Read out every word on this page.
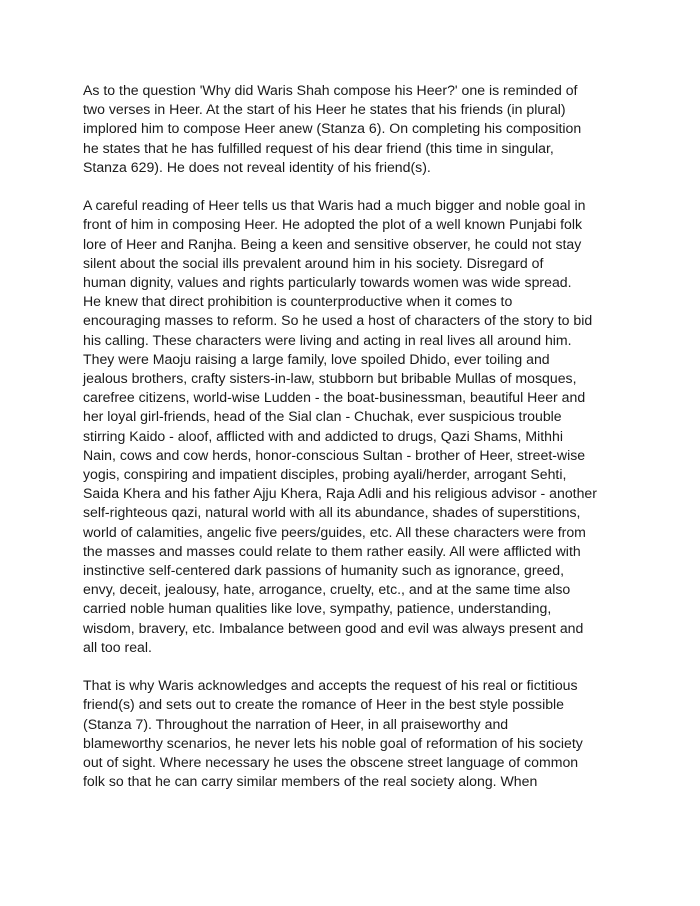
As to the question 'Why did Waris Shah compose his Heer?' one is reminded of
two verses in Heer. At the start of his Heer he states that his friends (in plural)
implored him to compose Heer anew (Stanza 6). On completing his composition
he states that he has fulfilled request of his dear friend (this time in singular,
Stanza 629). He does not reveal identity of his friend(s).
A careful reading of Heer tells us that Waris had a much bigger and noble goal in
front of him in composing Heer. He adopted the plot of a well known Punjabi folk
lore of Heer and Ranjha. Being a keen and sensitive observer, he could not stay
silent about the social ills prevalent around him in his society. Disregard of
human dignity, values and rights particularly towards women was wide spread.
He knew that direct prohibition is counterproductive when it comes to
encouraging masses to reform. So he used a host of characters of the story to bid
his calling. These characters were living and acting in real lives all around him.
They were Maoju raising a large family, love spoiled Dhido, ever toiling and
jealous brothers, crafty sisters-in-law, stubborn but bribable Mullas of mosques,
carefree citizens, world-wise Ludden - the boat-businessman, beautiful Heer and
her loyal girl-friends, head of the Sial clan - Chuchak, ever suspicious trouble
stirring Kaido - aloof, afflicted with and addicted to drugs, Qazi Shams, Mithhi
Nain, cows and cow herds, honor-conscious Sultan - brother of Heer, street-wise
yogis, conspiring and impatient disciples, probing ayali/herder, arrogant Sehti,
Saida Khera and his father Ajju Khera, Raja Adli and his religious advisor - another
self-righteous qazi, natural world with all its abundance, shades of superstitions,
world of calamities, angelic five peers/guides, etc. All these characters were from
the masses and masses could relate to them rather easily. All were afflicted with
instinctive self-centered dark passions of humanity such as ignorance, greed,
envy, deceit, jealousy, hate, arrogance, cruelty, etc., and at the same time also
carried noble human qualities like love, sympathy, patience, understanding,
wisdom, bravery, etc. Imbalance between good and evil was always present and
all too real.
That is why Waris acknowledges and accepts the request of his real or fictitious
friend(s) and sets out to create the romance of Heer in the best style possible
(Stanza 7). Throughout the narration of Heer, in all praiseworthy and
blameworthy scenarios, he never lets his noble goal of reformation of his society
out of sight. Where necessary he uses the obscene street language of common
folk so that he can carry similar members of the real society along. When
